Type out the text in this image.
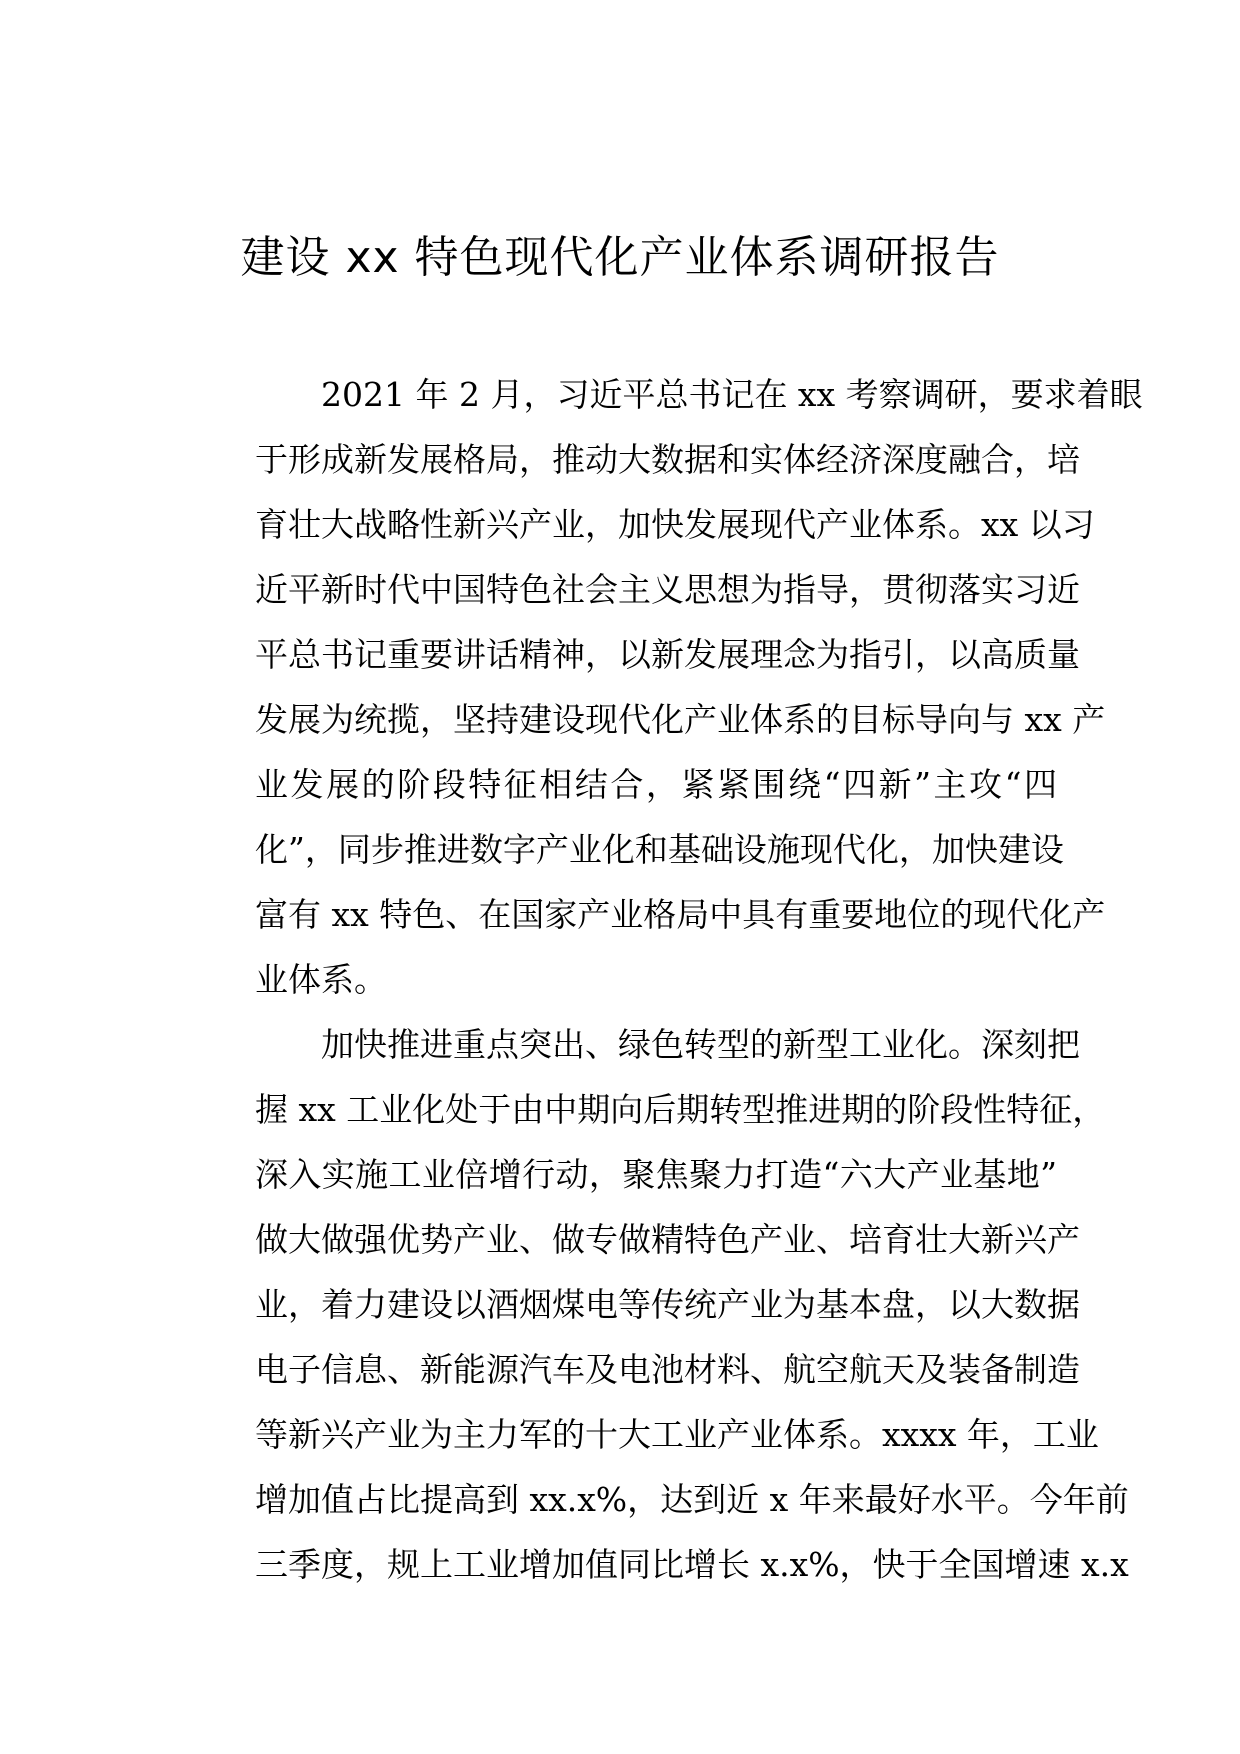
建设 xx 特色现代化产业体系调研报告
2021 年 2 月，习近平总书记在 xx 考察调研，要求着眼
于形成新发展格局，推动大数据和实体经济深度融合，培
育壮大战略性新兴产业，加快发展现代产业体系。xx 以习
近平新时代中国特色社会主义思想为指导，贯彻落实习近
平总书记重要讲话精神，以新发展理念为指引，以高质量
发展为统揽，坚持建设现代化产业体系的目标导向与 xx 产
业发展的阶段特征相结合，紧紧围绕“四新”主攻“四
化”，同步推进数字产业化和基础设施现代化，加快建设
富有 xx 特色、在国家产业格局中具有重要地位的现代化产
业体系。
加快推进重点突出、绿色转型的新型工业化。深刻把
握 xx 工业化处于由中期向后期转型推进期的阶段性特征，
深入实施工业倍增行动，聚焦聚力打造“六大产业基地”
做大做强优势产业、做专做精特色产业、培育壮大新兴产
业，着力建设以酒烟煤电等传统产业为基本盘，以大数据
电子信息、新能源汽车及电池材料、航空航天及装备制造
等新兴产业为主力军的十大工业产业体系。xxxx 年，工业
增加值占比提高到 xx.x%，达到近 x 年来最好水平。今年前
三季度，规上工业增加值同比增长 x.x%，快于全国增速 x.x
